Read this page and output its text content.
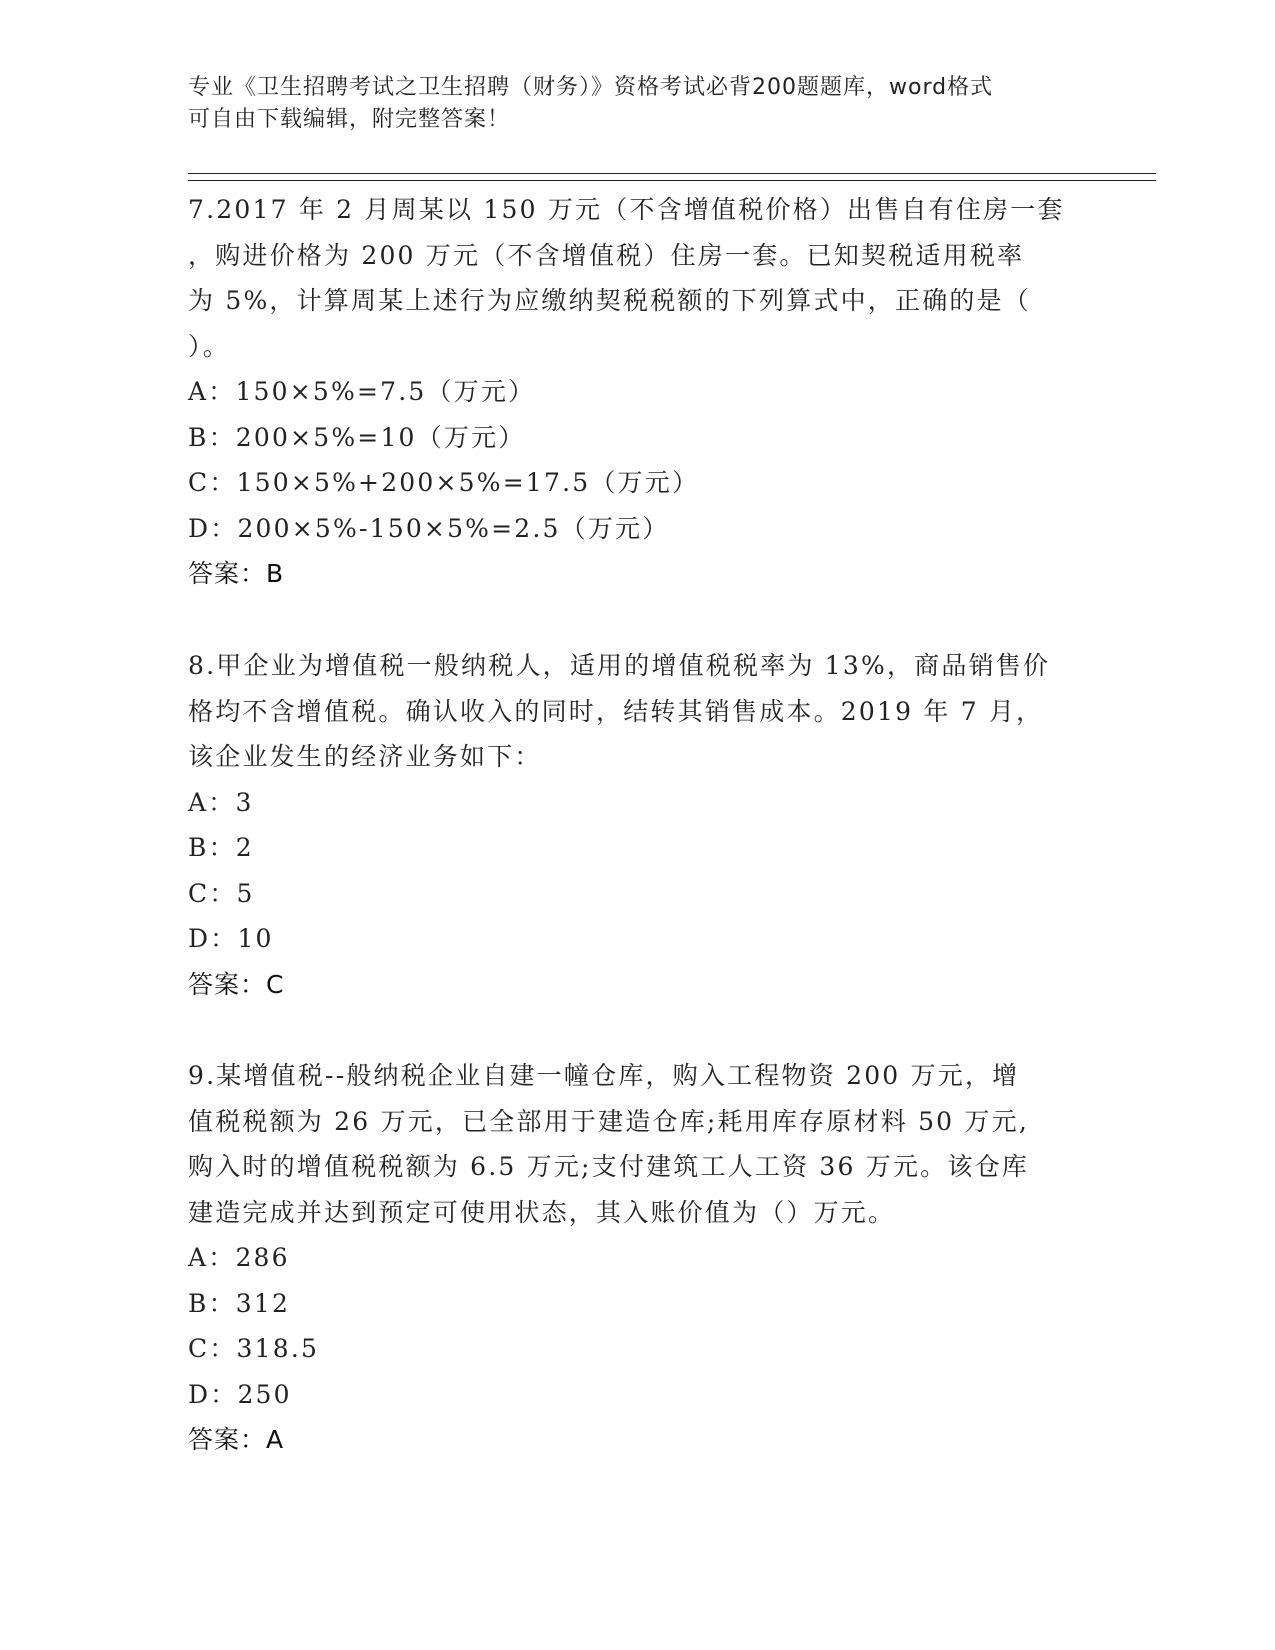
专业《卫生招聘考试之卫生招聘（财务）》资格考试必背200题题库，word格式
可自由下载编辑，附完整答案！
7.2017 年 2 月周某以 150 万元（不含增值税价格）出售自有住房一套
，购进价格为 200 万元（不含增值税）住房一套。已知契税适用税率
为 5%，计算周某上述行为应缴纳契税税额的下列算式中，正确的是（
）。
A：150×5%=7.5（万元）
B：200×5%=10（万元）
C：150×5%+200×5%=17.5（万元）
D：200×5%-150×5%=2.5（万元）
答案：B
8.甲企业为增值税一般纳税人，适用的增值税税率为 13%，商品销售价
格均不含增值税。确认收入的同时，结转其销售成本。2019 年 7 月，
该企业发生的经济业务如下：
A：3
B：2
C：5
D：10
答案：C
9.某增值税--般纳税企业自建一幢仓库，购入工程物资 200 万元，增
值税税额为 26 万元，已全部用于建造仓库;耗用库存原材料 50 万元,
购入时的增值税税额为 6.5 万元;支付建筑工人工资 36 万元。该仓库
建造完成并达到预定可使用状态，其入账价值为（）万元。
A：286
B：312
C：318.5
D：250
答案：A
